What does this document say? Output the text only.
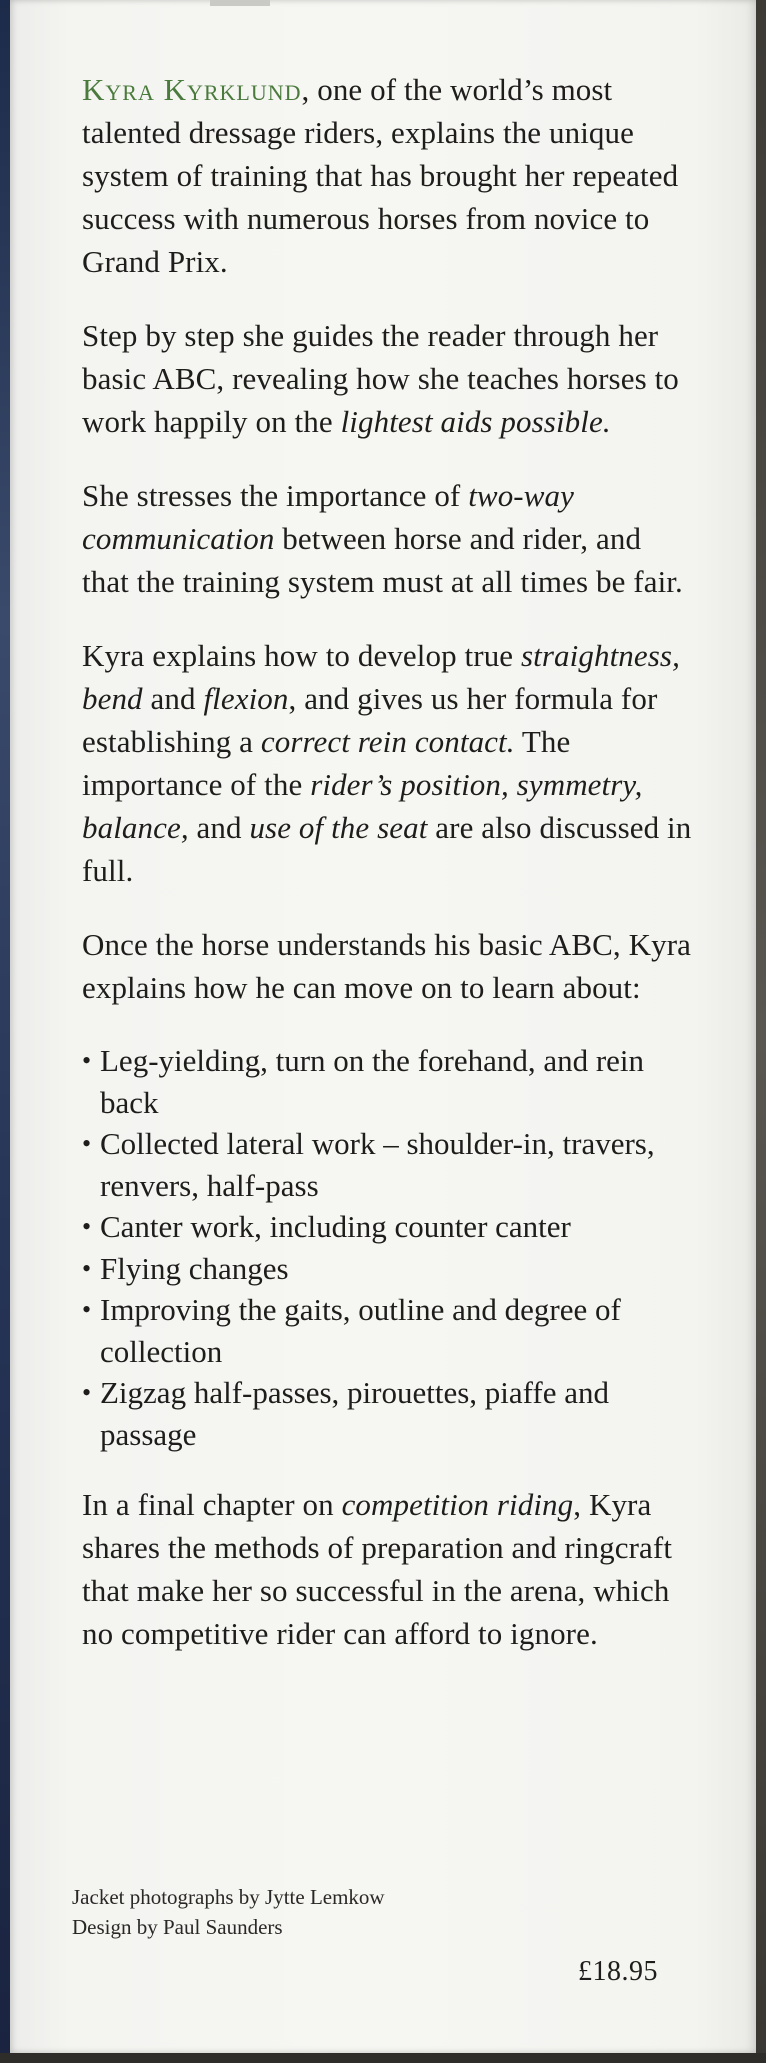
Kyra Kyrklund, one of the world’s most talented dressage riders, explains the unique system of training that has brought her repeated success with numerous horses from novice to Grand Prix.

Step by step she guides the reader through her basic ABC, revealing how she teaches horses to work happily on the lightest aids possible.

She stresses the importance of two-way communication between horse and rider, and that the training system must at all times be fair.

Kyra explains how to develop true straightness, bend and flexion, and gives us her formula for establishing a correct rein contact. The importance of the rider’s position, symmetry, balance, and use of the seat are also discussed in full.

Once the horse understands his basic ABC, Kyra explains how he can move on to learn about:

• Leg-yielding, turn on the forehand, and rein back
• Collected lateral work – shoulder-in, travers, renvers, half-pass
• Canter work, including counter canter
• Flying changes
• Improving the gaits, outline and degree of collection
• Zigzag half-passes, pirouettes, piaffe and passage

In a final chapter on competition riding, Kyra shares the methods of preparation and ringcraft that make her so successful in the arena, which no competitive rider can afford to ignore.

Jacket photographs by Jytte Lemkow
Design by Paul Saunders
£18.95
